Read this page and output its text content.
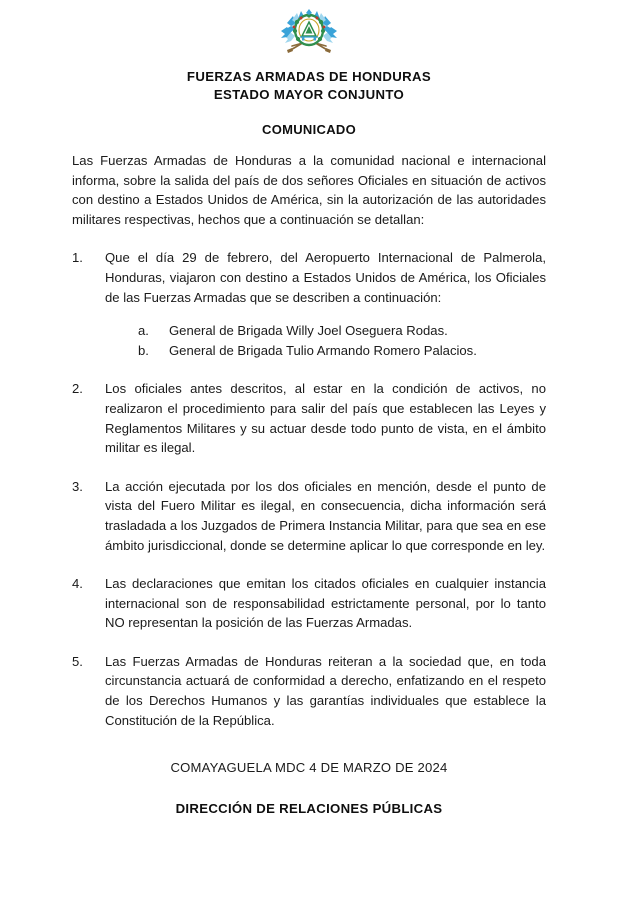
FUERZAS ARMADAS DE HONDURAS
ESTADO MAYOR CONJUNTO
COMUNICADO
Las Fuerzas Armadas de Honduras a la comunidad nacional e internacional informa, sobre la salida del país de dos señores Oficiales en situación de activos con destino a Estados Unidos de América, sin la autorización de las autoridades militares respectivas, hechos que a continuación se detallan:
1.	Que el día 29 de febrero, del Aeropuerto Internacional de Palmerola, Honduras, viajaron con destino a Estados Unidos de América, los Oficiales de las Fuerzas Armadas que se describen a continuación:
a.	General de Brigada Willy Joel Oseguera Rodas.
b.	General de Brigada Tulio Armando Romero Palacios.
2.	Los oficiales antes descritos, al estar en la condición de activos, no realizaron el procedimiento para salir del país que establecen las Leyes y Reglamentos Militares y su actuar desde todo punto de vista, en el ámbito militar es ilegal.
3.	La acción ejecutada por los dos oficiales en mención, desde el punto de vista del Fuero Militar es ilegal, en consecuencia, dicha información será trasladada a los Juzgados de Primera Instancia Militar, para que sea en ese ámbito jurisdiccional, donde se determine aplicar lo que corresponde en ley.
4.	Las declaraciones que emitan los citados oficiales en cualquier instancia internacional son de responsabilidad estrictamente personal, por lo tanto NO representan la posición de las Fuerzas Armadas.
5.	Las Fuerzas Armadas de Honduras reiteran a la sociedad que, en toda circunstancia actuará de conformidad a derecho, enfatizando en el respeto de los Derechos Humanos y las garantías individuales que establece la Constitución de la República.
COMAYAGUELA MDC 4 DE MARZO DE 2024
DIRECCIÓN DE RELACIONES PÚBLICAS
